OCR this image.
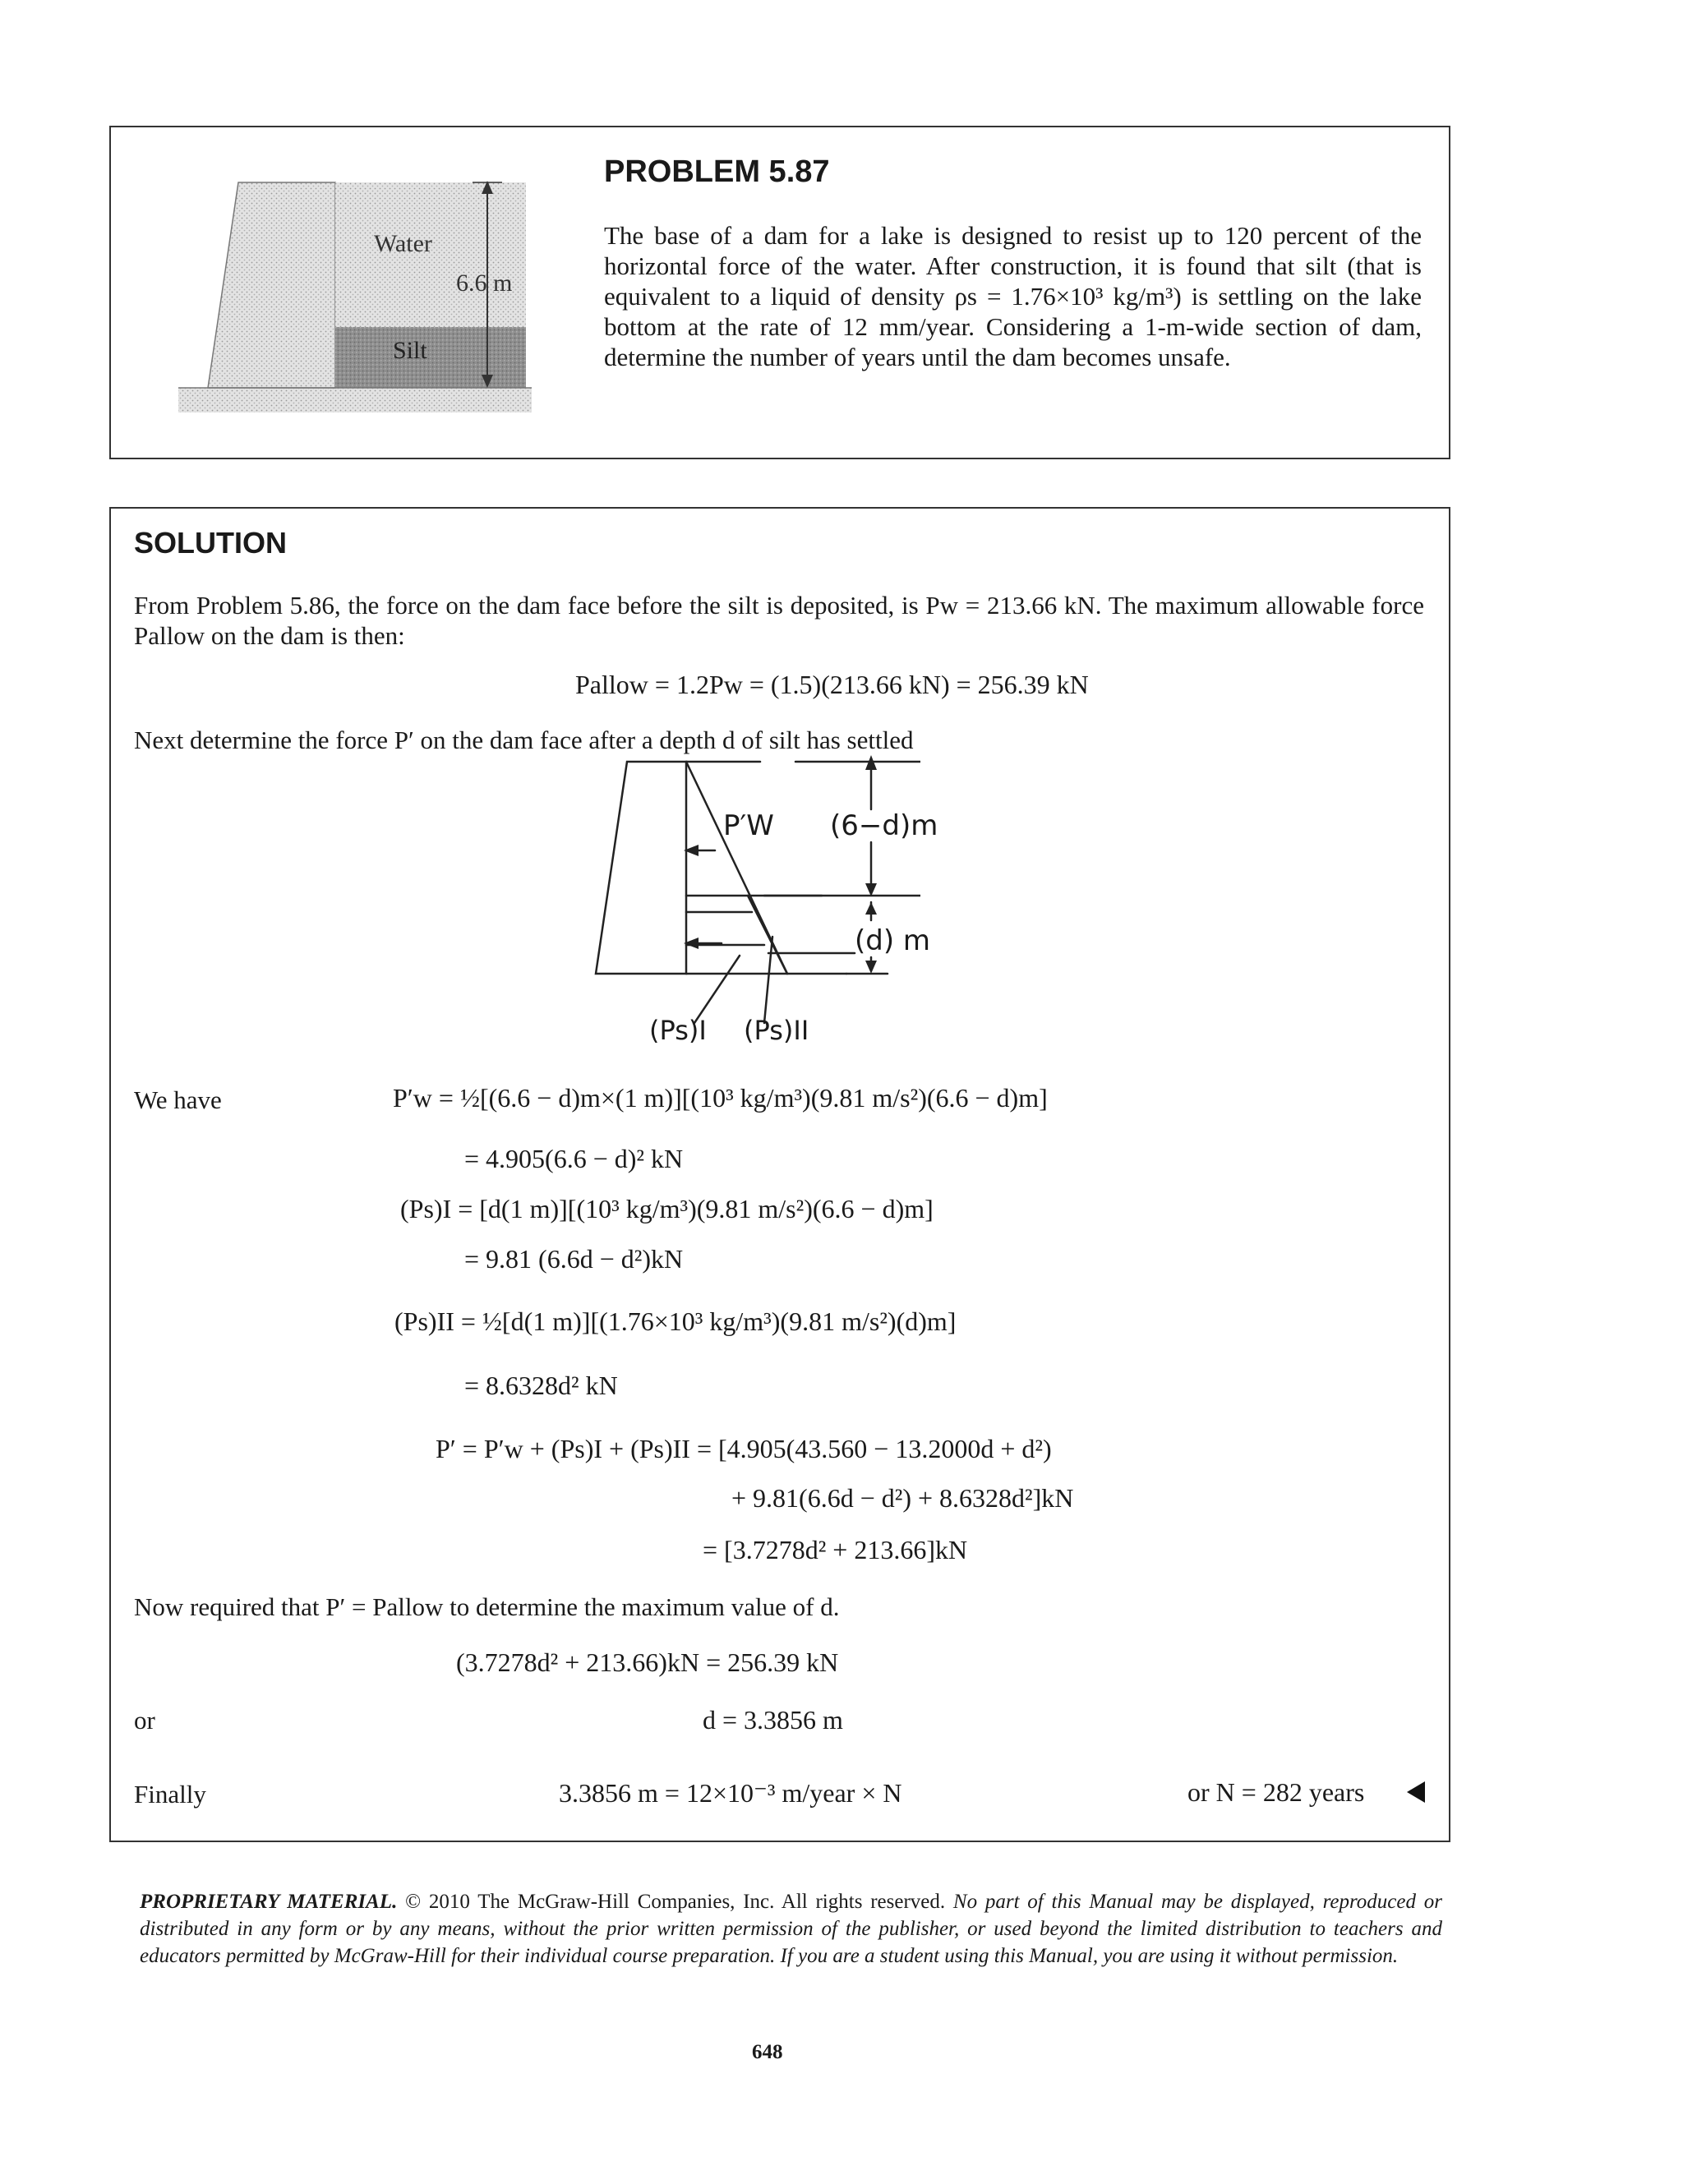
Water
6.6 m
Silt
PROBLEM 5.87
The base of a dam for a lake is designed to resist up to 120 percent of the horizontal force of the water. After construction, it is found that silt (that is equivalent to a liquid of density ρs = 1.76×10³ kg/m³) is settling on the lake bottom at the rate of 12 mm/year. Considering a 1-m-wide section of dam, determine the number of years until the dam becomes unsafe.
SOLUTION
From Problem 5.86, the force on the dam face before the silt is deposited, is Pw = 213.66 kN. The maximum allowable force Pallow on the dam is then:
Pallow = 1.2Pw = (1.5)(213.66 kN) = 256.39 kN
Next determine the force P′ on the dam face after a depth d of silt has settled
P′W (6−d)m
(d) m
(Ps)I (Ps)II
We have	P′w = ½[(6.6 − d)m×(1 m)][(10³ kg/m³)(9.81 m/s²)(6.6 − d)m]
= 4.905(6.6 − d)² kN
(Ps)I = [d(1 m)][(10³ kg/m³)(9.81 m/s²)(6.6 − d)m]
= 9.81 (6.6d − d²)kN
(Ps)II = ½[d(1 m)][(1.76×10³ kg/m³)(9.81 m/s²)(d)m]
= 8.6328d² kN
P′ = P′w + (Ps)I + (Ps)II = [4.905(43.560 − 13.2000d + d²)
+ 9.81(6.6d − d²) + 8.6328d²]kN
= [3.7278d² + 213.66]kN
Now required that P′ = Pallow to determine the maximum value of d.
(3.7278d² + 213.66)kN = 256.39 kN
or	d = 3.3856 m
Finally	3.3856 m = 12×10⁻³ m/year × N	or N = 282 years
PROPRIETARY MATERIAL. © 2010 The McGraw-Hill Companies, Inc. All rights reserved. No part of this Manual may be displayed, reproduced or distributed in any form or by any means, without the prior written permission of the publisher, or used beyond the limited distribution to teachers and educators permitted by McGraw-Hill for their individual course preparation. If you are a student using this Manual, you are using it without permission.
648
